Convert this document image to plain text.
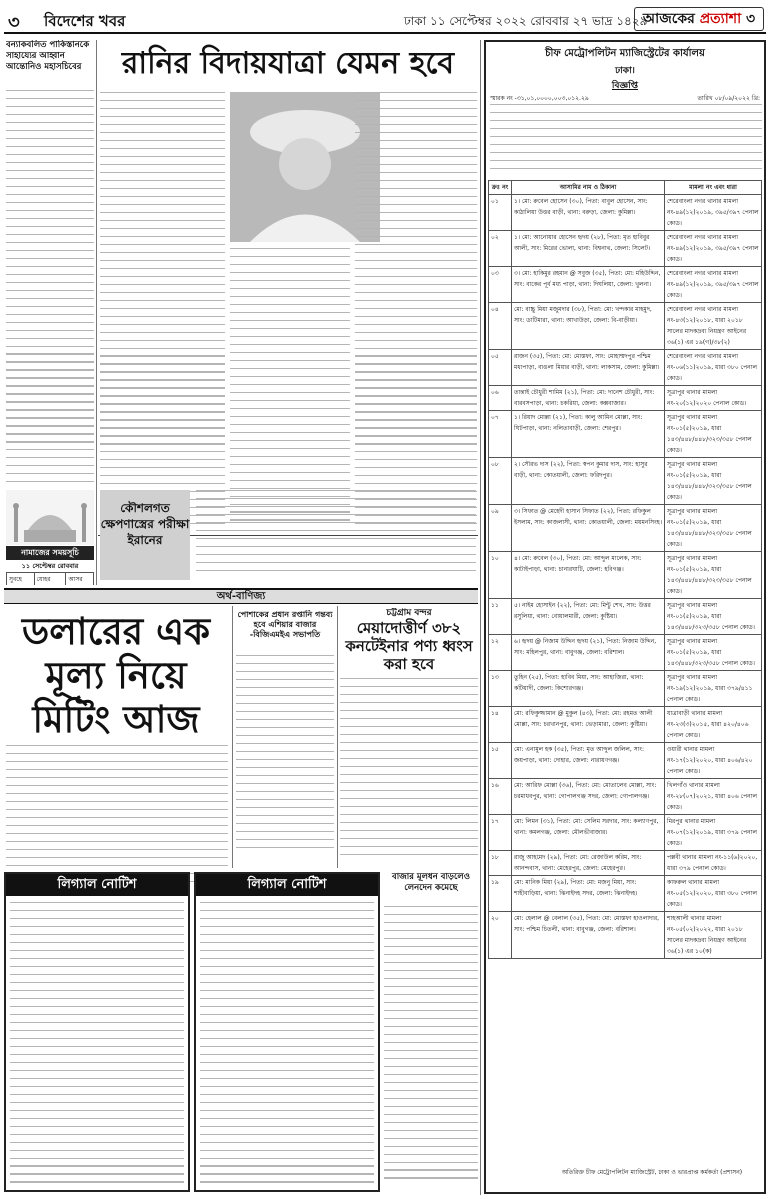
৩ বিদেশের খবর	ঢাকা ১১ সেপ্টেম্বর ২০২২ রোববার ২৭ ভাদ্র ১৪২৯
আজকের প্রত্যাশা ৩
বন্যাকবলিত পাকিস্তানকে সাহায্যের আহ্বান আন্তোনিও মহাসচিবের
নামাজের সময়সূচি
১১ সেপ্টেম্বর রোববার
সুবহে	যোহর	আসর

রানির বিদায়যাত্রা যেমন হবে
কৌশলগত ক্ষেপণাস্ত্রের পরীক্ষা ইরানের
অর্থ-বাণিজ্য
ডলারের এক মূল্য নিয়ে মিটিং আজ
পোশাকের প্রধান রপ্তানি গন্তব্য হবে এশিয়ার বাজার -বিজিএমইএ সভাপতি
চট্টগ্রাম বন্দর
মেয়াদোত্তীর্ণ ৩৮২ কনটেইনার পণ্য ধ্বংস করা হবে
লিগ্যাল নোটিশ	লিগ্যাল নোটিশ	বাজার মূলধন বাড়লেও লেনদেন কমেছে
চীফ মেট্রোপলিটন ম্যাজিস্ট্রেটের কার্যালয়
ঢাকা।
বিজ্ঞপ্তি
স্মারক নং -৩১,০১,০০০০,০০৩,০১২.২৯	তারিখ ০৮/০৯/২০২২ খ্রি:
ক্রঃ নং	আসামির নাম ও ঠিকানা	মামলা নং এবং ধারা
০১	১। মো: রুবেল হোসেন (৩০), পিতা: বাবুল হোসেন, সাং: কাঠালিয়া উত্তর বাড়ী, থানা: বরুড়া, জেলা: কুমিল্লা।	শেরেবাংলা নগর থানার মামলা নং-৪৯(১২)২০১৯, ৩৯৫/৩৯৭ পেনাল কোড।
০২	১। মো: আনোয়ার হোসেন হৃদয় (২৮), পিতা: মৃত হাবিবুর আলী, সাং: মিরের ভোলা, থানা: বিশ্বনাথ, জেলা: সিলেট।	শেরেবাংলা নগর থানার মামলা নং-৪৯(১২)২০১৯, ৩৯৫/৩৯৭ পেনাল কোড।
০৩	৩। মো: হাকিমুর রহমান @ সবুজ (৩৫), পিতা: মো: মহিউদ্দিন, সাং: বাকের পূর্ব মধ্য পাড়া, থানা: দিঘলিয়া, জেলা: খুলনা।	শেরেবাংলা নগর থানার মামলা নং-৪৯(১২)২০১৯, ৩৯৫/৩৯৭ পেনাল কোড।
০৪	মো: বাচ্চু মিয়া মজুমদার (৩৮), পিতা: মো: খন্দকার মাহমুদ, সাং: ডাটিমারা, থানা: আখাউড়া, জেলা: বি-বাড়ীয়া।	শেরেবাংলা নগর থানার মামলা নং-৪৩(১২)২০১৮, ধারা ২০১৮ সালের মাদকদ্রব্য নিয়ন্ত্রণ আইনের ৩৬(১) এর ১৯(গ)/৩৮(২)
০৫	রাজন (৩৫), পিতা: মো: মোস্তফা, সাং: মোহাম্মদপুর পশ্চিম মধ্যপাড়া, বাঙলা মিয়ার বাড়ী, থানা: লাকসাম, জেলা: কুমিল্লা।	শেরেবাংলা নগর থানার মামলা নং-০৬(১১)২০১৯, ধারা ৩৮০ পেনাল কোড।
০৬	তান্তাই চৌধুরী শামিম (২১), পিতা: মো: দানেশ চৌধুরী, সাং: বারবসপাড়া, থানা: চকরিয়া, জেলা: কক্সবাজার।	সূত্রাপুর থানার মামলা নং-২০(১২)২০২০ পেনাল কোড।
০৭	১। রিয়াদ মোল্লা (২১), পিতা: কালু আমিন মোল্লা, সাং: ঘিটপাড়া, থানা: নলিতাবাড়ী, জেলা: শেরপুর।	সূত্রাপুর থানার মামলা নং-০১(৫)২০১৯, ধারা ১৪৩/৪৪৮/৪৪৮/৩২৩/৩৫৮ পেনাল কোড।
০৮	২। সৌরভ দাস (২২), পিতা: স্বপন কুমার দাস, সাং: হাসুর বাড়ী, থানা: কোতয়ালী, জেলা: ফরিদপুর।	সূত্রাপুর থানার মামলা নং-০১(৫)২০১৯, ধারা ১৪৩/৪৪৮/৪৪৮/৩২৩/৩৫৮ পেনাল কোড।
০৯	৩। সিফাত @ মেহেদী হাসান সিফাত (২২), পিতা: রফিকুল ইসলাম, সাং: কাজলাসী, থানা: কোতয়ালী, জেলা: ময়মনসিংহ।	সূত্রাপুর থানার মামলা নং-০১(৫)২০১৯, ধারা ১৪৩/৪৪৮/৪৪৮/৩২৩/৩৫৮ পেনাল কোড।
১০	৪। মো: রুবেল (৩০), পিতা: মো: আব্দুল মালেক, সাং: কাটাইপাড়া, থানা: চানারঘাটি, জেলা: হবিগঞ্জ।	সূত্রাপুর থানার মামলা নং-০১(৫)২০১৯, ধারা ১৪৩/৪৪৮/৪৪৮/৩২৩/৩৫৮ পেনাল কোড।
১১	৫। নাইম হোসাইন (২২), পিতা: মো: মিন্টু শেখ, সাং: উত্তর রসুলিয়া, থানা: বোয়ালমারী, জেলা: কুষ্টিয়া।	সূত্রাপুর থানার মামলা নং-০১(৫)২০১৯, ধারা ১৪৩/৪৪৮/৩২৩/৩৫৮ পেনাল কোড।
১২	৬। হৃদয় @ নিজাম উদ্দিন হৃদয় (২১), পিতা: নিজাম উদ্দিন, সাং: মহিলপুর, থানা: বাবুগঞ্জ, জেলা: বরিশাল।	সূত্রাপুর থানার মামলা নং-০১(৫)২০১৯, ধারা ১৪৩/৪৪৮/৩২৩/৩৫৮ পেনাল কোড।
১৩	তুহিন (২৫), পিতা: হাবিব মিয়া, সাং: আহাজিরা, থানা: কটিয়াদী, জেলা: কিশোরগঞ্জ।	সূত্রাপুর থানার মামলা নং-১৯(১২)২০১৯, ধারা ৩৭৯/৪১১ পেনাল কোড।
১৪	মো: রফিকুজ্জামান @ মুকুল (৪৩), পিতা: মো: রহমত আলী মোল্লা, সাং: চরখানপুর, থানা: ভেড়ামারা, জেলা: কুষ্টিয়া।	যাত্রাবাড়ী থানার মামলা নং-২৩(৩)২০১৫, ধারা ৪২০/৪০৬ পেনাল কোড।
১৫	মো: এনামুল হক (৩৫), পিতা: মৃত আব্দুল জলিল, সাং: জয়পাড়া, থানা: দোহার, জেলা: নারায়ণগঞ্জ।	ওয়ারী থানার মামলা নং-১৭(১২)২০২০, ধারা ৪০৬/৪২০ পেনাল কোড।
১৬	মো: আরিফ মোল্লা (৩৬), পিতা: মো: মোতালেব মোল্লা, সাং: চরমাধবপুর, থানা: গোপালগঞ্জ সদর, জেলা: গোপালগঞ্জ।	খিলগাঁও থানার মামলা নং-২৮(০৭)২০২১, ধারা ৪০৬ পেনাল কোড।
১৭	মো: লিমন (৩১), পিতা: মো: সেলিম সরদার, সাং: কল্যাণপুর, থানা: কমলগঞ্জ, জেলা: মৌলভীবাজার।	মিরপুর থানার মামলা নং-০৭(১২)২০১৯, ধারা ৩৭৯ পেনাল কোড।
১৮	রাজু আহমেদ (২৯), পিতা: মো: রেজাউল করিম, সাং: আনন্দবাস, থানা: মেহেরপুর, জেলা: মেহেরপুর।	পল্লবী থানার মামলা নং-১১(৬)২০২০, ধারা ৩৭৯ পেনাল কোড।
১৯	মো: মানিক মিয়া (২৯), পিতা: মো: মজনু মিয়া, সাং: শাহীবাড়িয়া, থানা: ঝিনাইদহ সদর, জেলা: ঝিনাইদহ।	কাফরুল থানার মামলা নং-০৫(১২)২০২০, ধারা ৩৮০ পেনাল কোড।
২০	মো: হেলাল @ বেলাল (৩৫), পিতা: মো: মোস্তফা হাওলাদার, সাং: পশ্চিম চিতলী, থানা: বাবুগঞ্জ, জেলা: বরিশাল।	শাহআলী থানার মামলা নং-০৫(০২)২০২২, ধারা ২০১৮ সালের মাদকদ্রব্য নিয়ন্ত্রণ আইনের ৩৬(১) এর ১০(ক)
অতিরিক্ত চীফ মেট্রোপলিটন ম্যাজিস্ট্রেট, ঢাকা ও ভারপ্রাপ্ত কর্মকর্তা (প্রশাসন)
